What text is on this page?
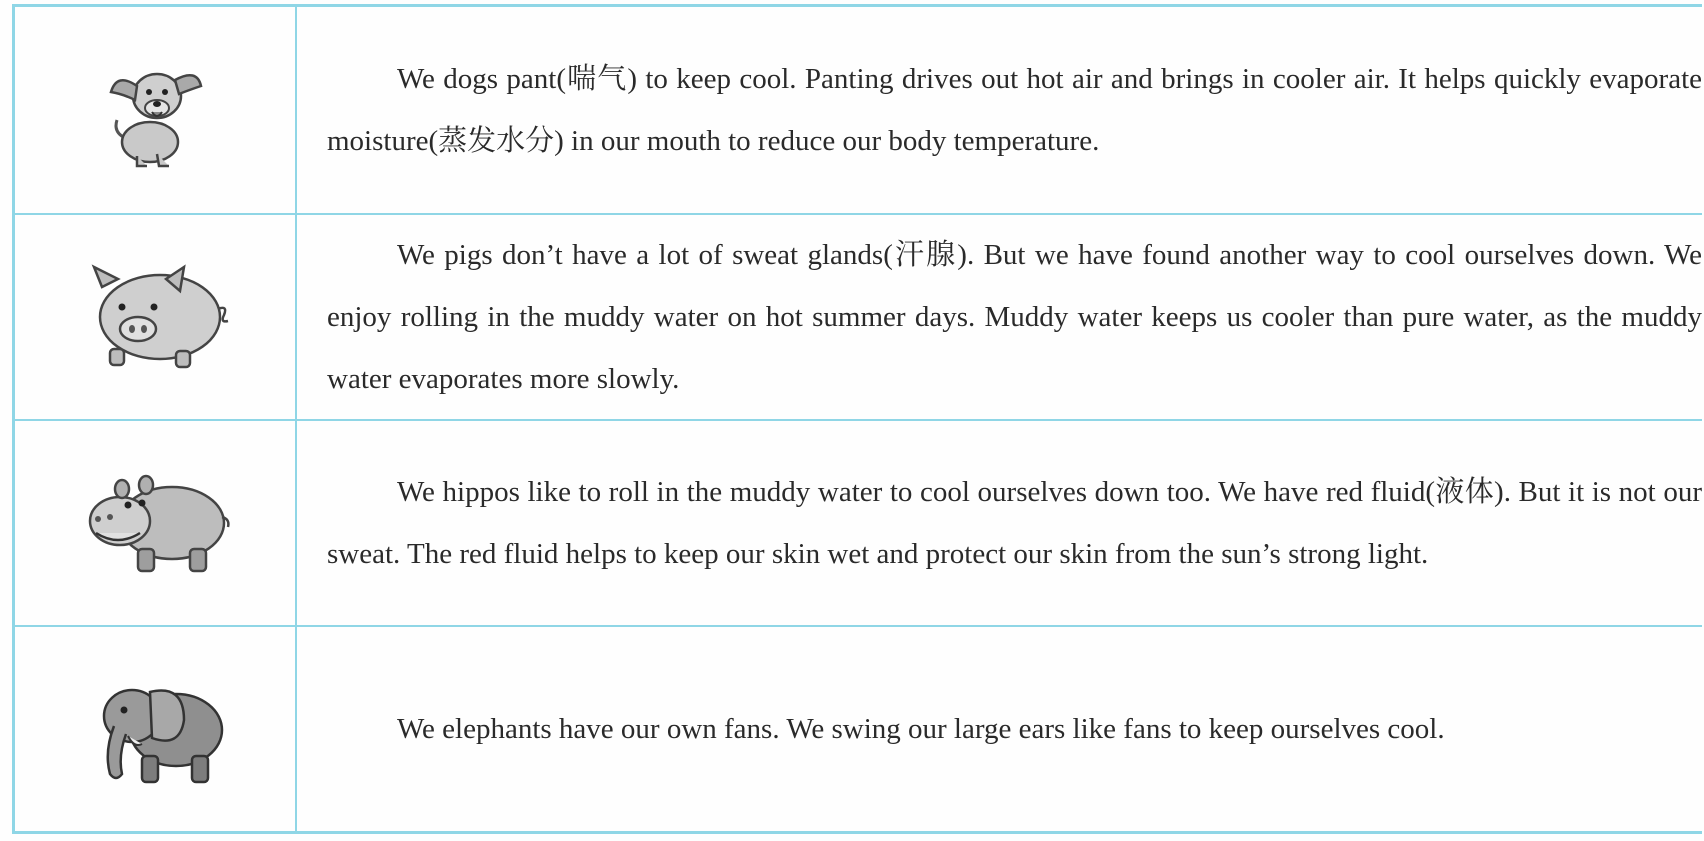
We dogs pant(喘气) to keep cool. Panting drives out hot air and brings in cooler air. It helps quickly evaporate moisture(蒸发水分) in our mouth to reduce our body temperature.

We pigs don’t have a lot of sweat glands(汗腺). But we have found another way to cool ourselves down. We enjoy rolling in the muddy water on hot summer days. Muddy water keeps us cooler than pure water, as the muddy water evaporates more slowly.

We hippos like to roll in the muddy water to cool ourselves down too. We have red fluid(液体). But it is not our sweat. The red fluid helps to keep our skin wet and protect our skin from the sun’s strong light.

We elephants have our own fans. We swing our large ears like fans to keep ourselves cool.
